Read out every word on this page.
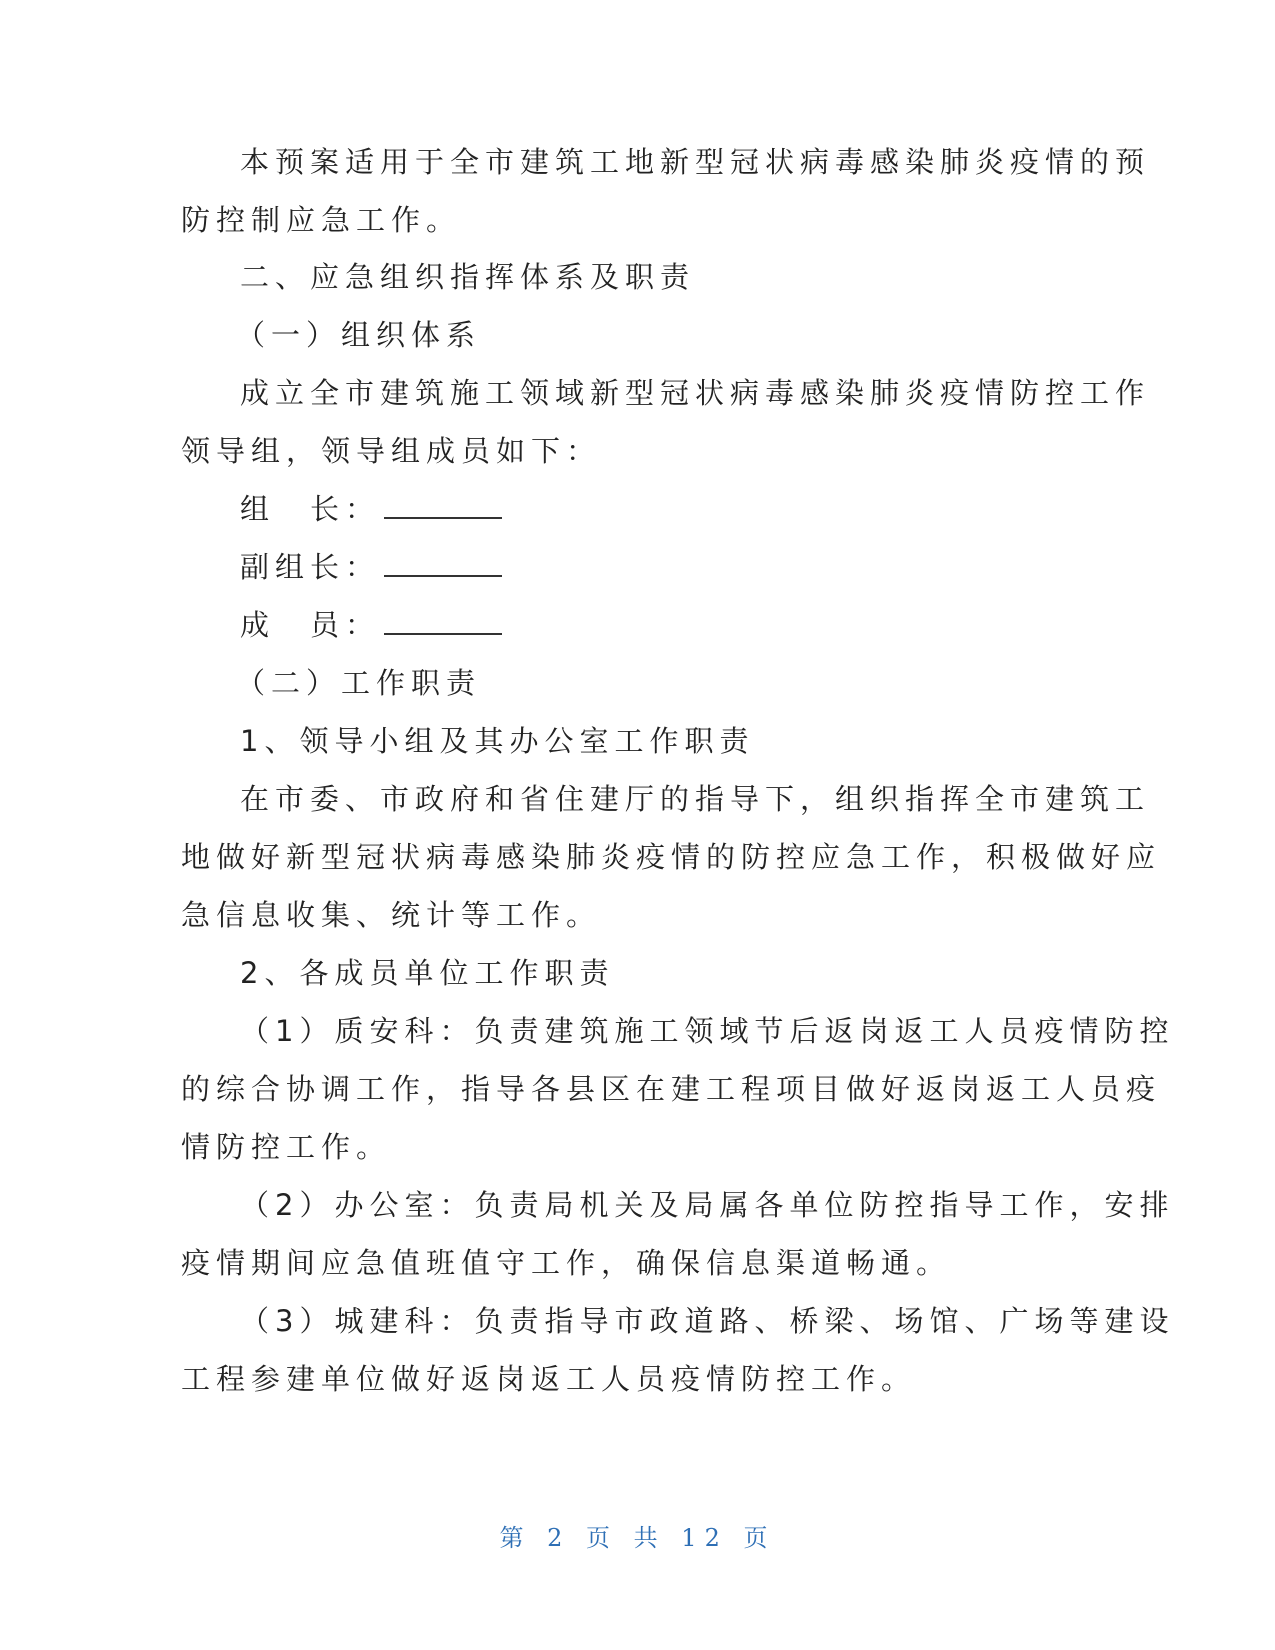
本预案适用于全市建筑工地新型冠状病毒感染肺炎疫情的预
防控制应急工作。
二、应急组织指挥体系及职责
（一）组织体系
成立全市建筑施工领域新型冠状病毒感染肺炎疫情防控工作
领导组，领导组成员如下：
组　长：
副组长：
成　员：
（二）工作职责
1、领导小组及其办公室工作职责
在市委、市政府和省住建厅的指导下，组织指挥全市建筑工
地做好新型冠状病毒感染肺炎疫情的防控应急工作，积极做好应
急信息收集、统计等工作。
2、各成员单位工作职责
（1）质安科：负责建筑施工领域节后返岗返工人员疫情防控
的综合协调工作，指导各县区在建工程项目做好返岗返工人员疫
情防控工作。
（2）办公室：负责局机关及局属各单位防控指导工作，安排
疫情期间应急值班值守工作，确保信息渠道畅通。
（3）城建科：负责指导市政道路、桥梁、场馆、广场等建设
工程参建单位做好返岗返工人员疫情防控工作。
第 2 页 共 12 页
